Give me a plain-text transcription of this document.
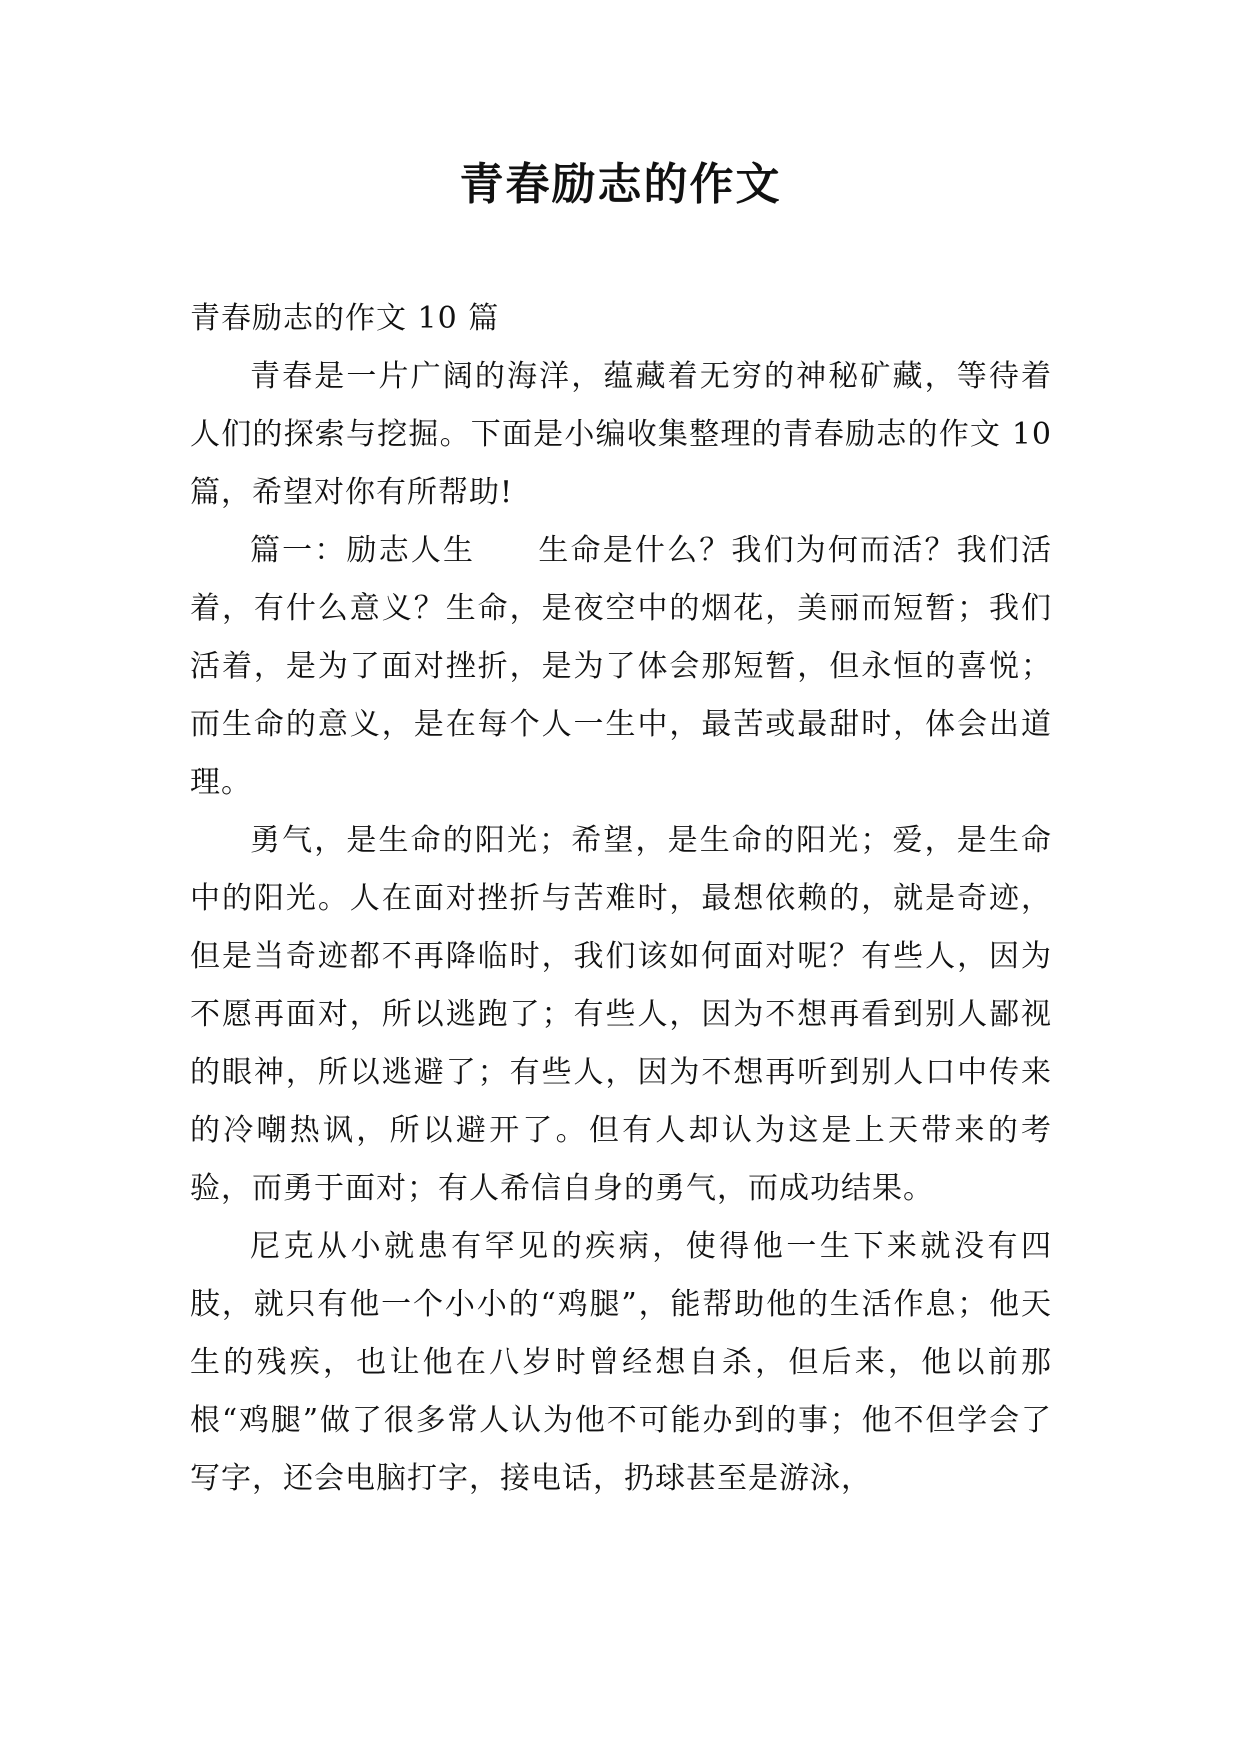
青春励志的作文

青春励志的作文 10 篇

青春是一片广阔的海洋，蕴藏着无穷的神秘矿藏，等待着人们的探索与挖掘。下面是小编收集整理的青春励志的作文 10 篇，希望对你有所帮助!

篇一：励志人生 生命是什么？我们为何而活？我们活着，有什么意义？生命，是夜空中的烟花，美丽而短暂；我们活着，是为了面对挫折，是为了体会那短暂，但永恒的喜悦；而生命的意义，是在每个人一生中，最苦或最甜时，体会出道理。

勇气，是生命的阳光；希望，是生命的阳光；爱，是生命中的阳光。人在面对挫折与苦难时，最想依赖的，就是奇迹，但是当奇迹都不再降临时，我们该如何面对呢？有些人，因为不愿再面对，所以逃跑了；有些人，因为不想再看到别人鄙视的眼神，所以逃避了；有些人，因为不想再听到别人口中传来的冷嘲热讽，所以避开了。但有人却认为这是上天带来的考验，而勇于面对；有人希信自身的勇气，而成功结果。

尼克从小就患有罕见的疾病，使得他一生下来就没有四肢，就只有他一个小小的“鸡腿”，能帮助他的生活作息；他天生的残疾，也让他在八岁时曾经想自杀，但后来，他以前那根“鸡腿”做了很多常人认为他不可能办到的事；他不但学会了写字，还会电脑打字，接电话，扔球甚至是游泳，
